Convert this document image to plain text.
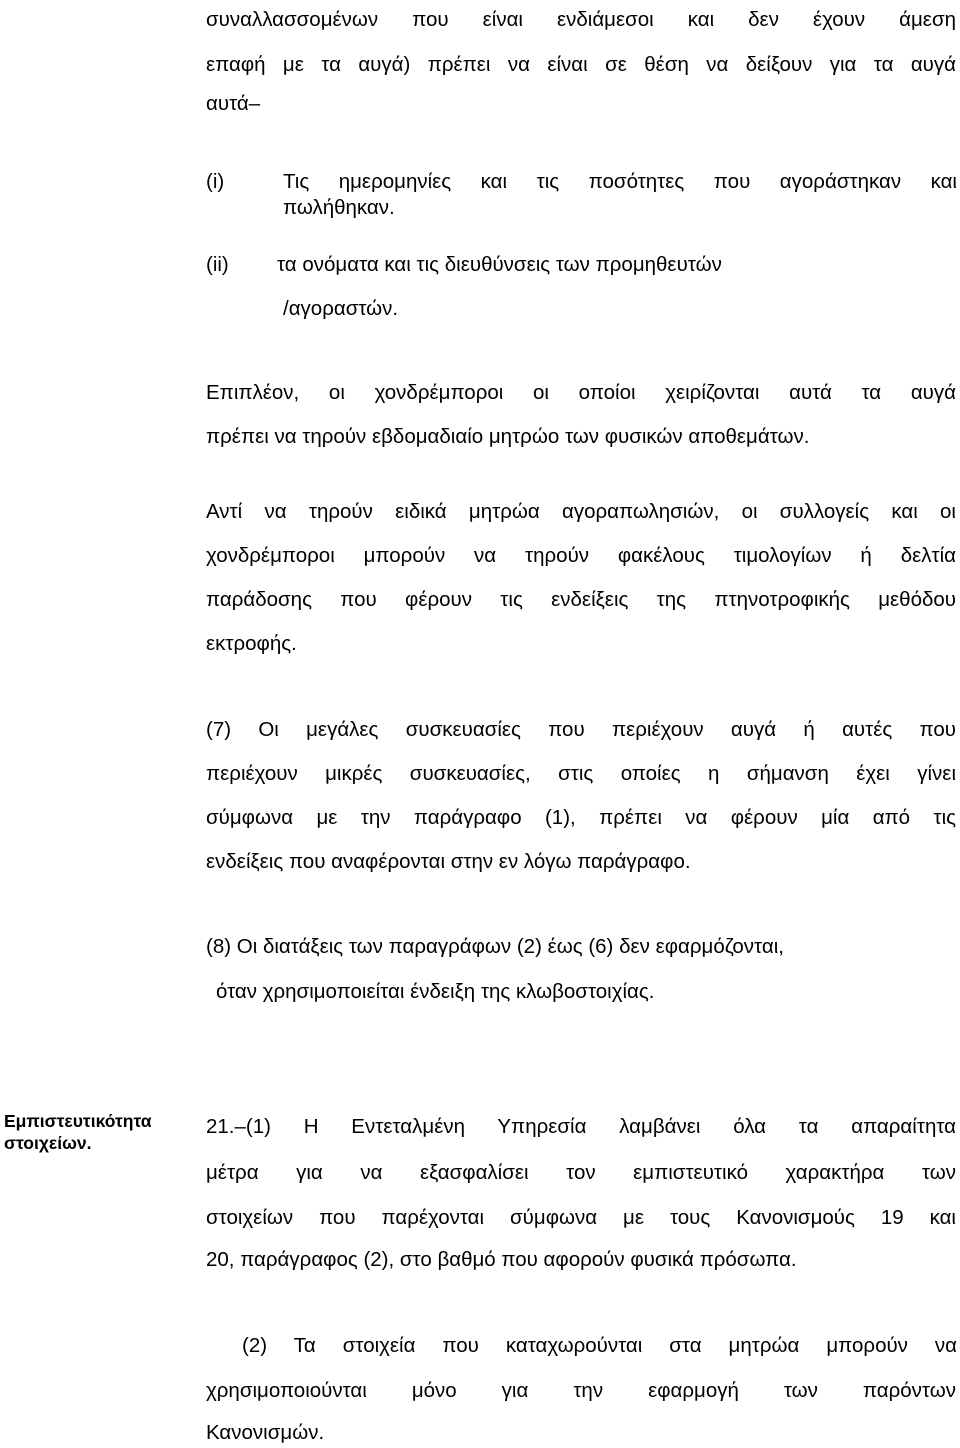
συναλλασσομένων που είναι ενδιάμεσοι και δεν έχουν άμεση
επαφή με τα αυγά) πρέπει να είναι σε θέση να δείξουν για τα αυγά
αυτά–
(i)	Τις ημερομηνίες και τις ποσότητες που αγοράστηκαν και
πωλήθηκαν.
(ii) τα ονόματα και τις διευθύνσεις των προμηθευτών
/αγοραστών.
Επιπλέον, οι χονδρέμποροι οι οποίοι χειρίζονται αυτά τα αυγά
πρέπει να τηρούν εβδομαδιαίο μητρώο των φυσικών αποθεμάτων.
Αντί να τηρούν ειδικά μητρώα αγοραπωλησιών, οι συλλογείς και οι
χονδρέμποροι μπορούν να τηρούν φακέλους τιμολογίων ή δελτία
παράδοσης που φέρουν τις ενδείξεις της πτηνοτροφικής μεθόδου
εκτροφής.
(7) Οι μεγάλες συσκευασίες που περιέχουν αυγά ή αυτές που
περιέχουν μικρές συσκευασίες, στις οποίες η σήμανση έχει γίνει
σύμφωνα με την παράγραφο (1), πρέπει να φέρουν μία από τις
ενδείξεις που αναφέρονται στην εν λόγω παράγραφο.
(8) Οι διατάξεις των παραγράφων (2) έως (6) δεν εφαρμόζονται,
όταν χρησιμοποιείται ένδειξη της κλωβοστοιχίας.
Εμπιστευτικότητα
στοιχείων.
21.–(1) Η Εντεταλμένη Υπηρεσία λαμβάνει όλα τα απαραίτητα
μέτρα για να εξασφαλίσει τον εμπιστευτικό χαρακτήρα των
στοιχείων που παρέχονται σύμφωνα με τους Κανονισμούς 19 και
20, παράγραφος (2), στο βαθμό που αφορούν φυσικά πρόσωπα.
(2) Τα στοιχεία που καταχωρούνται στα μητρώα μπορούν να
χρησιμοποιούνται μόνο για την εφαρμογή των παρόντων
Κανονισμών.
